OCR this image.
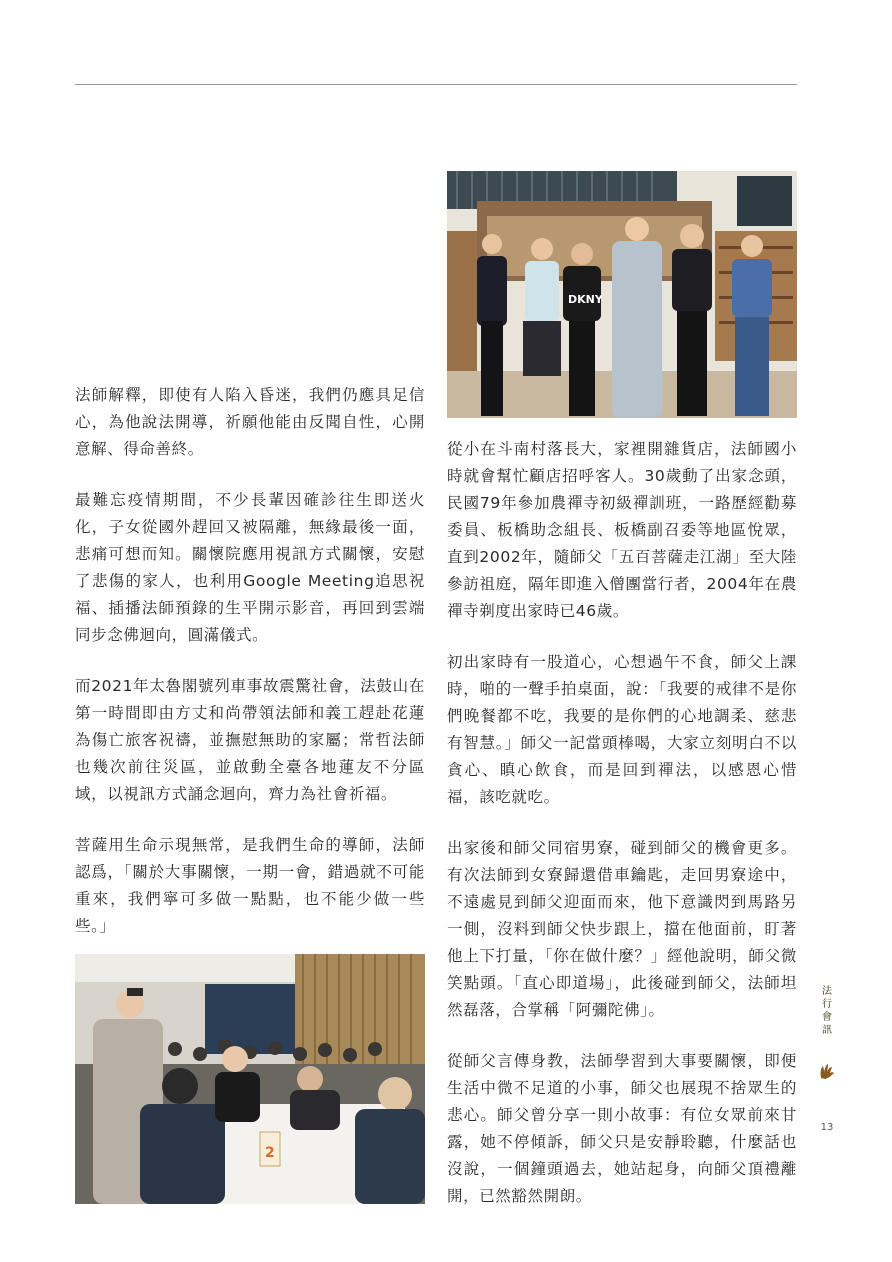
DKNY

法師解釋，即使有人陷入昏迷，我們仍應具足信心，為他說法開導，祈願他能由反聞自性，心開意解、得命善終。

最難忘疫情期間，不少長輩因確診往生即送火化，子女從國外趕回又被隔離，無緣最後一面，悲痛可想而知。關懷院應用視訊方式關懷，安慰了悲傷的家人，也利用Google Meeting追思祝福、插播法師預錄的生平開示影音，再回到雲端同步念佛迴向，圓滿儀式。

而2021年太魯閣號列車事故震驚社會，法鼓山在第一時間即由方丈和尚帶領法師和義工趕赴花蓮為傷亡旅客祝禱，並撫慰無助的家屬；常哲法師也幾次前往災區，並啟動全臺各地蓮友不分區域，以視訊方式誦念迴向，齊力為社會祈福。

菩薩用生命示現無常，是我們生命的導師，法師認爲，「關於大事關懷，一期一會，錯過就不可能重來，我們寧可多做一點點，也不能少做一些些。」

從小在斗南村落長大，家裡開雜貨店，法師國小時就會幫忙顧店招呼客人。30歲動了出家念頭，民國79年參加農禪寺初級禪訓班，一路歷經勸募委員、板橋助念組長、板橋副召委等地區悅眾，直到2002年，隨師父「五百菩薩走江湖」至大陸參訪祖庭，隔年即進入僧團當行者，2004年在農禪寺剃度出家時已46歲。

初出家時有一股道心，心想過午不食，師父上課時，啪的一聲手拍桌面，說：「我要的戒律不是你們晚餐都不吃，我要的是你們的心地調柔、慈悲有智慧。」師父一記當頭棒喝，大家立刻明白不以貪心、瞋心飲食，而是回到禪法，以感恩心惜福，該吃就吃。

出家後和師父同宿男寮，碰到師父的機會更多。有次法師到女寮歸還借車鑰匙，走回男寮途中，不遠處見到師父迎面而來，他下意識閃到馬路另一側，沒料到師父快步跟上，擋在他面前，盯著他上下打量，「你在做什麼？」經他說明，師父微笑點頭。「直心即道場」，此後碰到師父，法師坦然磊落，合掌稱「阿彌陀佛」。

從師父言傳身教，法師學習到大事要關懷，即便生活中微不足道的小事，師父也展現不捨眾生的悲心。師父曾分享一則小故事：有位女眾前來甘露，她不停傾訴，師父只是安靜聆聽，什麼話也沒說，一個鐘頭過去，她站起身，向師父頂禮離開，已然豁然開朗。

2
法
行
會
訊
13
